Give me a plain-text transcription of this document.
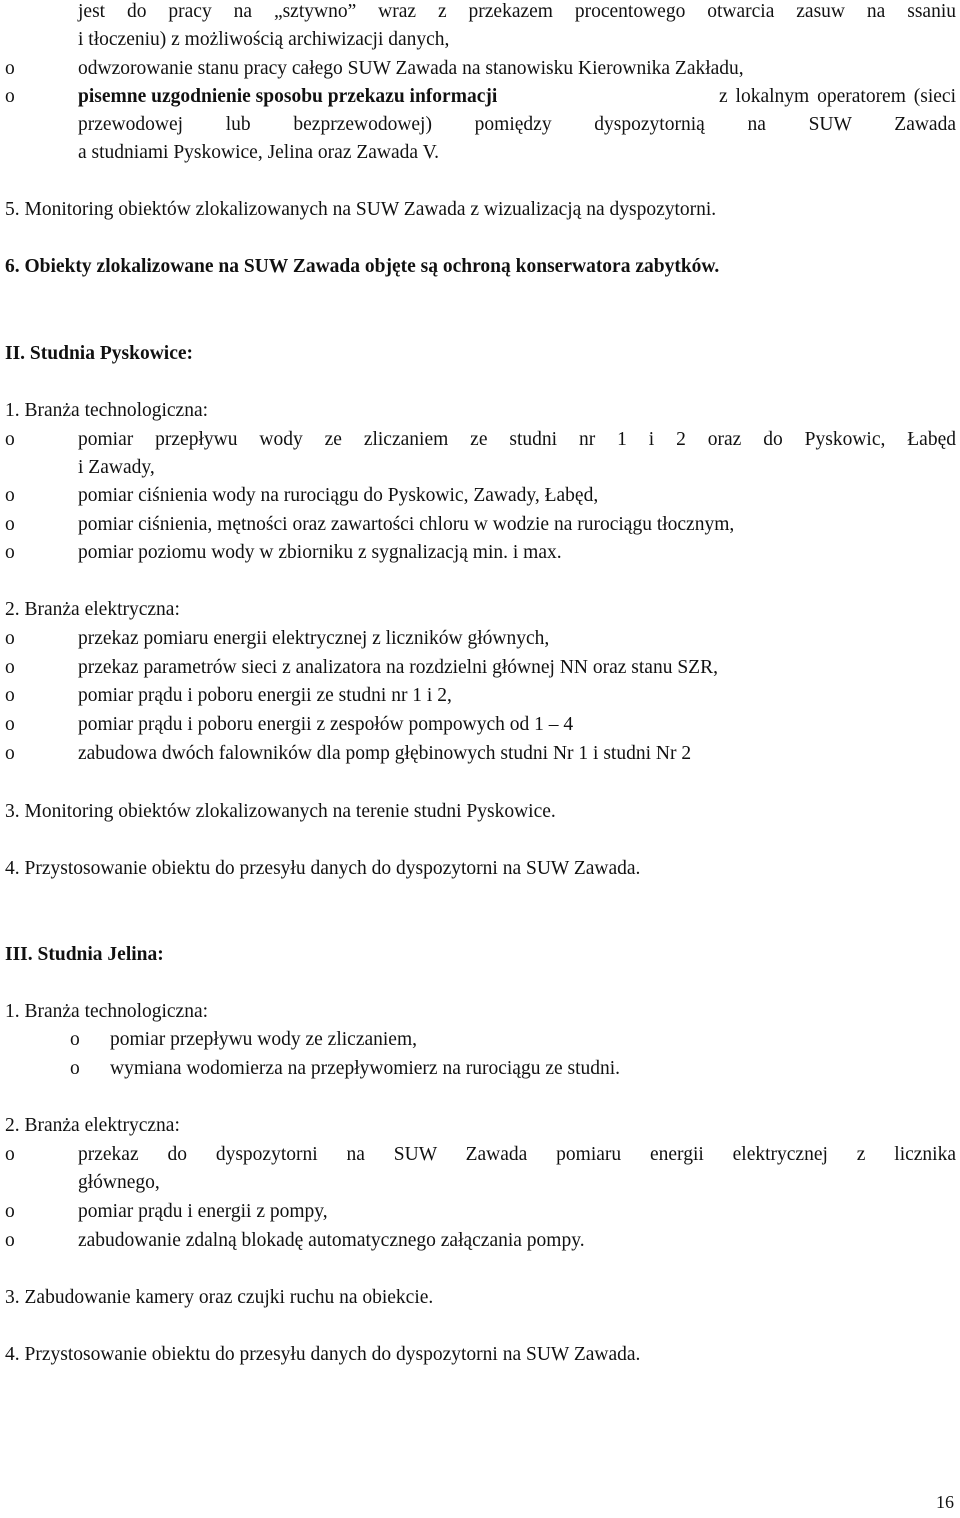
jest do pracy na „sztywno” wraz z przekazem procentowego otwarcia zasuw na ssaniu
i tłoczeniu) z możliwością archiwizacji danych,
o	odwzorowanie stanu pracy całego SUW Zawada na stanowisku Kierownika Zakładu,
o	pisemne uzgodnienie sposobu przekazu informacji	z lokalnym operatorem (sieci
przewodowej lub bezprzewodowej) pomiędzy dyspozytornią na SUW Zawada
a studniami Pyskowice, Jelina oraz Zawada V.
5. Monitoring obiektów zlokalizowanych na SUW Zawada z wizualizacją na dyspozytorni.
6. Obiekty zlokalizowane na SUW Zawada objęte są ochroną konserwatora zabytków.
II. Studnia Pyskowice:
1. Branża technologiczna:
o	pomiar przepływu wody ze zliczaniem ze studni nr 1 i 2 oraz do Pyskowic, Łabęd
i Zawady,
o	pomiar ciśnienia wody na rurociągu do Pyskowic, Zawady, Łabęd,
o	pomiar ciśnienia, mętności oraz zawartości chloru w wodzie na rurociągu tłocznym,
o	pomiar poziomu wody w zbiorniku z sygnalizacją min. i max.
2. Branża elektryczna:
o	przekaz pomiaru energii elektrycznej z liczników głównych,
o	przekaz parametrów sieci z analizatora na rozdzielni głównej NN oraz stanu SZR,
o	pomiar prądu i poboru energii ze studni nr 1 i 2,
o	pomiar prądu i poboru energii z zespołów pompowych od 1 – 4
o	zabudowa dwóch falowników dla pomp głębinowych studni Nr 1 i studni Nr 2
3. Monitoring obiektów zlokalizowanych na terenie studni Pyskowice.
4. Przystosowanie obiektu do przesyłu danych do dyspozytorni na SUW Zawada.
III. Studnia Jelina:
1. Branża technologiczna:
o pomiar przepływu wody ze zliczaniem,
o wymiana wodomierza na przepływomierz na rurociągu ze studni.
2. Branża elektryczna:
o	przekaz do dyspozytorni na SUW Zawada pomiaru energii elektrycznej z licznika
głównego,
o	pomiar prądu i energii z pompy,
o	zabudowanie zdalną blokadę automatycznego załączania pompy.
3. Zabudowanie kamery oraz czujki ruchu na obiekcie.
4. Przystosowanie obiektu do przesyłu danych do dyspozytorni na SUW Zawada.
16
